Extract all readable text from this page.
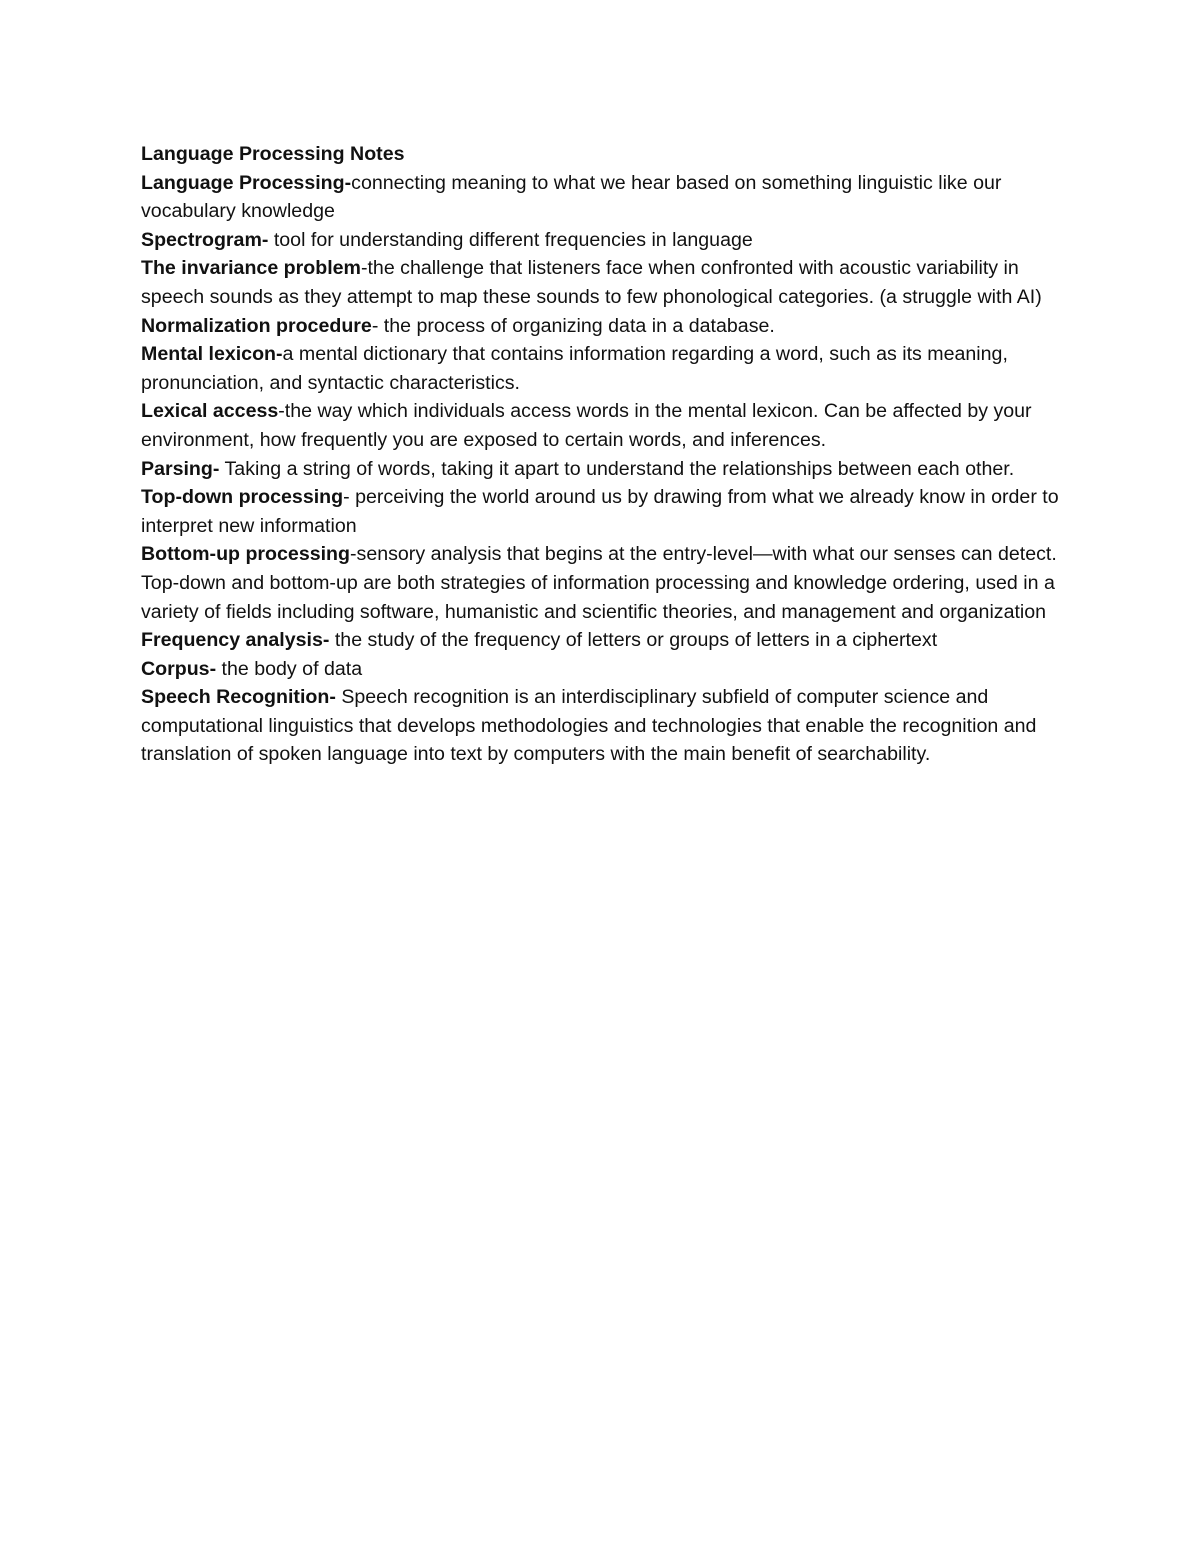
Language Processing Notes

Language Processing-connecting meaning to what we hear based on something linguistic like our vocabulary knowledge

Spectrogram- tool for understanding different frequencies in language

The invariance problem-the challenge that listeners face when confronted with acoustic variability in speech sounds as they attempt to map these sounds to few phonological categories. (a struggle with AI)

Normalization procedure- the process of organizing data in a database.

Mental lexicon-a mental dictionary that contains information regarding a word, such as its meaning, pronunciation, and syntactic characteristics.

Lexical access-the way which individuals access words in the mental lexicon. Can be affected by your environment, how frequently you are exposed to certain words, and inferences.

Parsing- Taking a string of words, taking it apart to understand the relationships between each other.

Top-down processing- perceiving the world around us by drawing from what we already know in order to interpret new information

Bottom-up processing-sensory analysis that begins at the entry-level—with what our senses can detect. Top-down and bottom-up are both strategies of information processing and knowledge ordering, used in a variety of fields including software, humanistic and scientific theories, and management and organization

Frequency analysis- the study of the frequency of letters or groups of letters in a ciphertext

Corpus- the body of data

Speech Recognition- Speech recognition is an interdisciplinary subfield of computer science and computational linguistics that develops methodologies and technologies that enable the recognition and translation of spoken language into text by computers with the main benefit of searchability.
